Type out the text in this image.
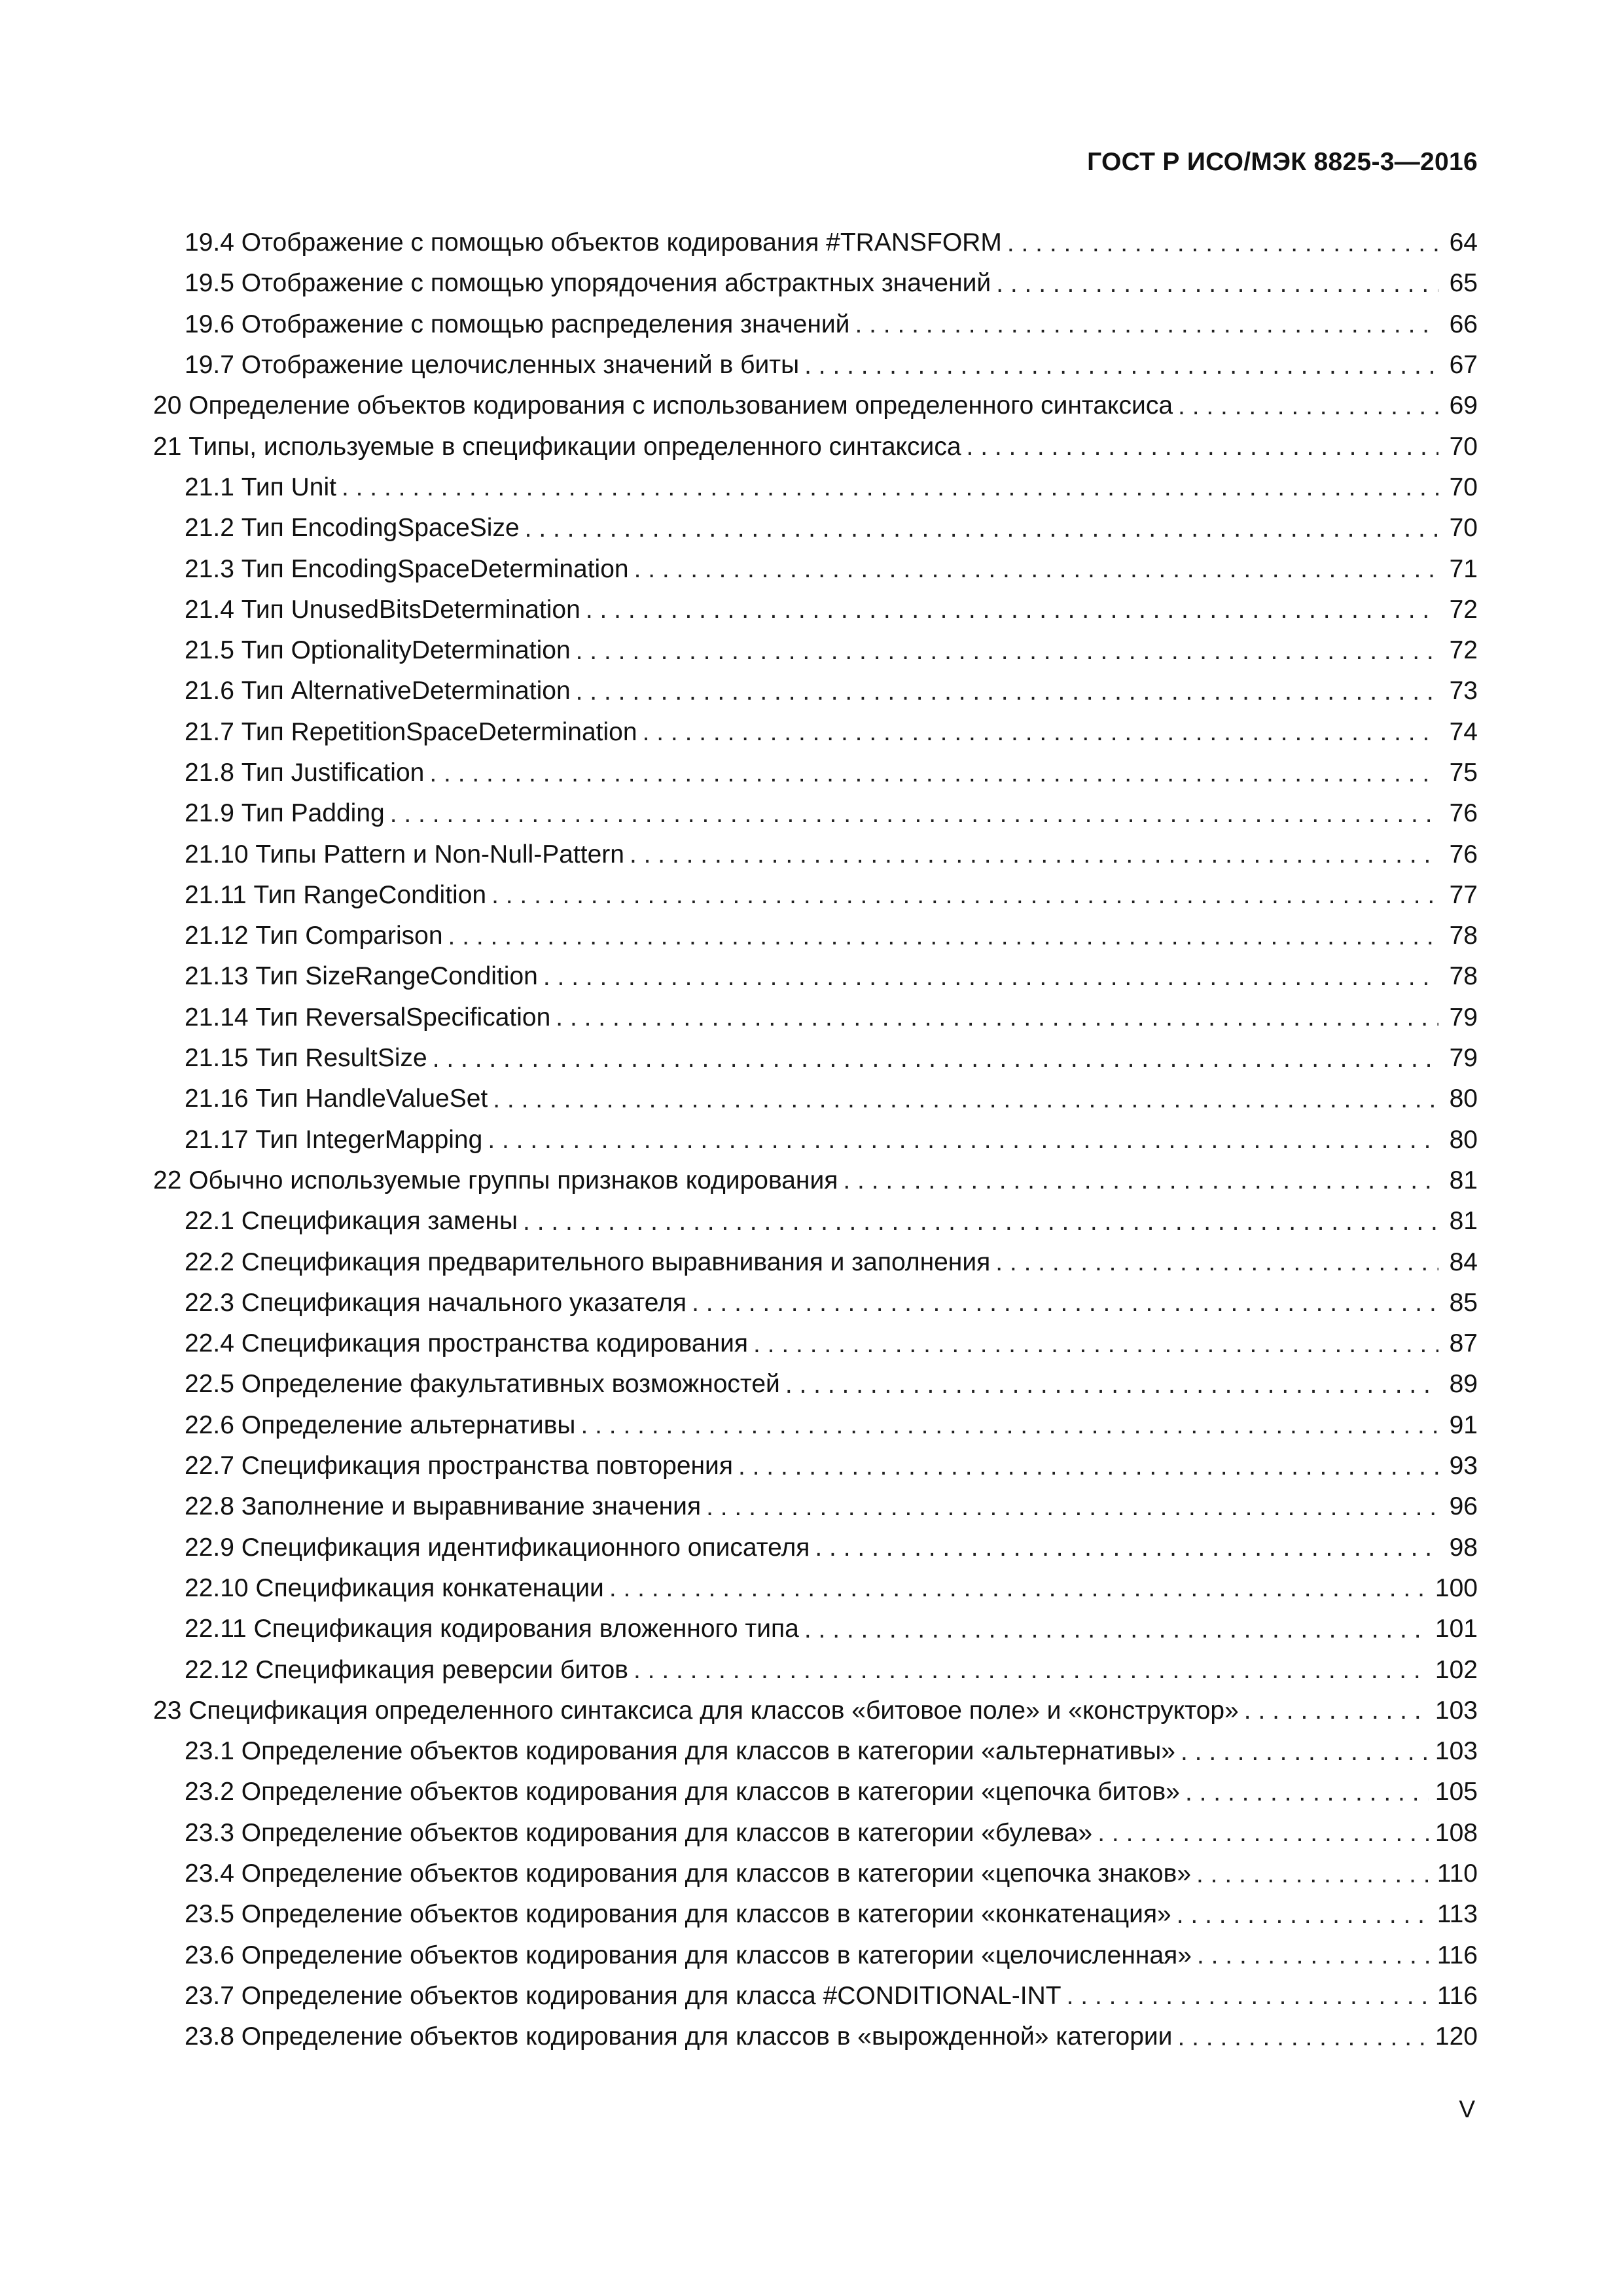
ГОСТ Р ИСО/МЭК 8825-3—2016
19.4 Отображение с помощью объектов кодирования #TRANSFORM . . .	64
19.5 Отображение с помощью упорядочения абстрактных значений . . .	65
19.6 Отображение с помощью распределения значений . . .	66
19.7 Отображение целочисленных значений в биты . . .	67
20 Определение объектов кодирования с использованием определенного синтаксиса . . .	69
21 Типы, используемые в спецификации определенного синтаксиса . . .	70
21.1 Тип Unit . . .	70
21.2 Тип EncodingSpaceSize . . .	70
21.3 Тип EncodingSpaceDetermination . . .	71
21.4 Тип UnusedBitsDetermination . . .	72
21.5 Тип OptionalityDetermination . . .	72
21.6 Тип AlternativeDetermination . . .	73
21.7 Тип RepetitionSpaceDetermination . . .	74
21.8 Тип Justification . . .	75
21.9 Тип Padding . . .	76
21.10 Типы Pattern и Non-Null-Pattern . . .	76
21.11 Тип RangeCondition . . .	77
21.12 Тип Comparison . . .	78
21.13 Тип SizeRangeCondition . . .	78
21.14 Тип ReversalSpecification . . .	79
21.15 Тип ResultSize . . .	79
21.16 Тип HandleValueSet . . .	80
21.17 Тип IntegerMapping . . .	80
22 Обычно используемые группы признаков кодирования . . .	81
22.1 Спецификация замены . . .	81
22.2 Спецификация предварительного выравнивания и заполнения . . .	84
22.3 Спецификация начального указателя . . .	85
22.4 Спецификация пространства кодирования . . .	87
22.5 Определение факультативных возможностей . . .	89
22.6 Определение альтернативы . . .	91
22.7 Спецификация пространства повторения . . .	93
22.8 Заполнение и выравнивание значения . . .	96
22.9 Спецификация идентификационного описателя . . .	98
22.10 Спецификация конкатенации . . .	100
22.11 Спецификация кодирования вложенного типа . . .	101
22.12 Спецификация реверсии битов . . .	102
23 Спецификация определенного синтаксиса для классов «битовое поле» и «конструктор» . . .	103
23.1 Определение объектов кодирования для классов в категории «альтернативы» . . .	103
23.2 Определение объектов кодирования для классов в категории «цепочка битов» . . .	105
23.3 Определение объектов кодирования для классов в категории «булева» . . .	108
23.4 Определение объектов кодирования для классов в категории «цепочка знаков» . . .	110
23.5 Определение объектов кодирования для классов в категории «конкатенация» . . .	113
23.6 Определение объектов кодирования для классов в категории «целочисленная» . . .	116
23.7 Определение объектов кодирования для класса #CONDITIONAL-INT . . .	116
23.8 Определение объектов кодирования для классов в «вырожденной» категории . . .	120
V
